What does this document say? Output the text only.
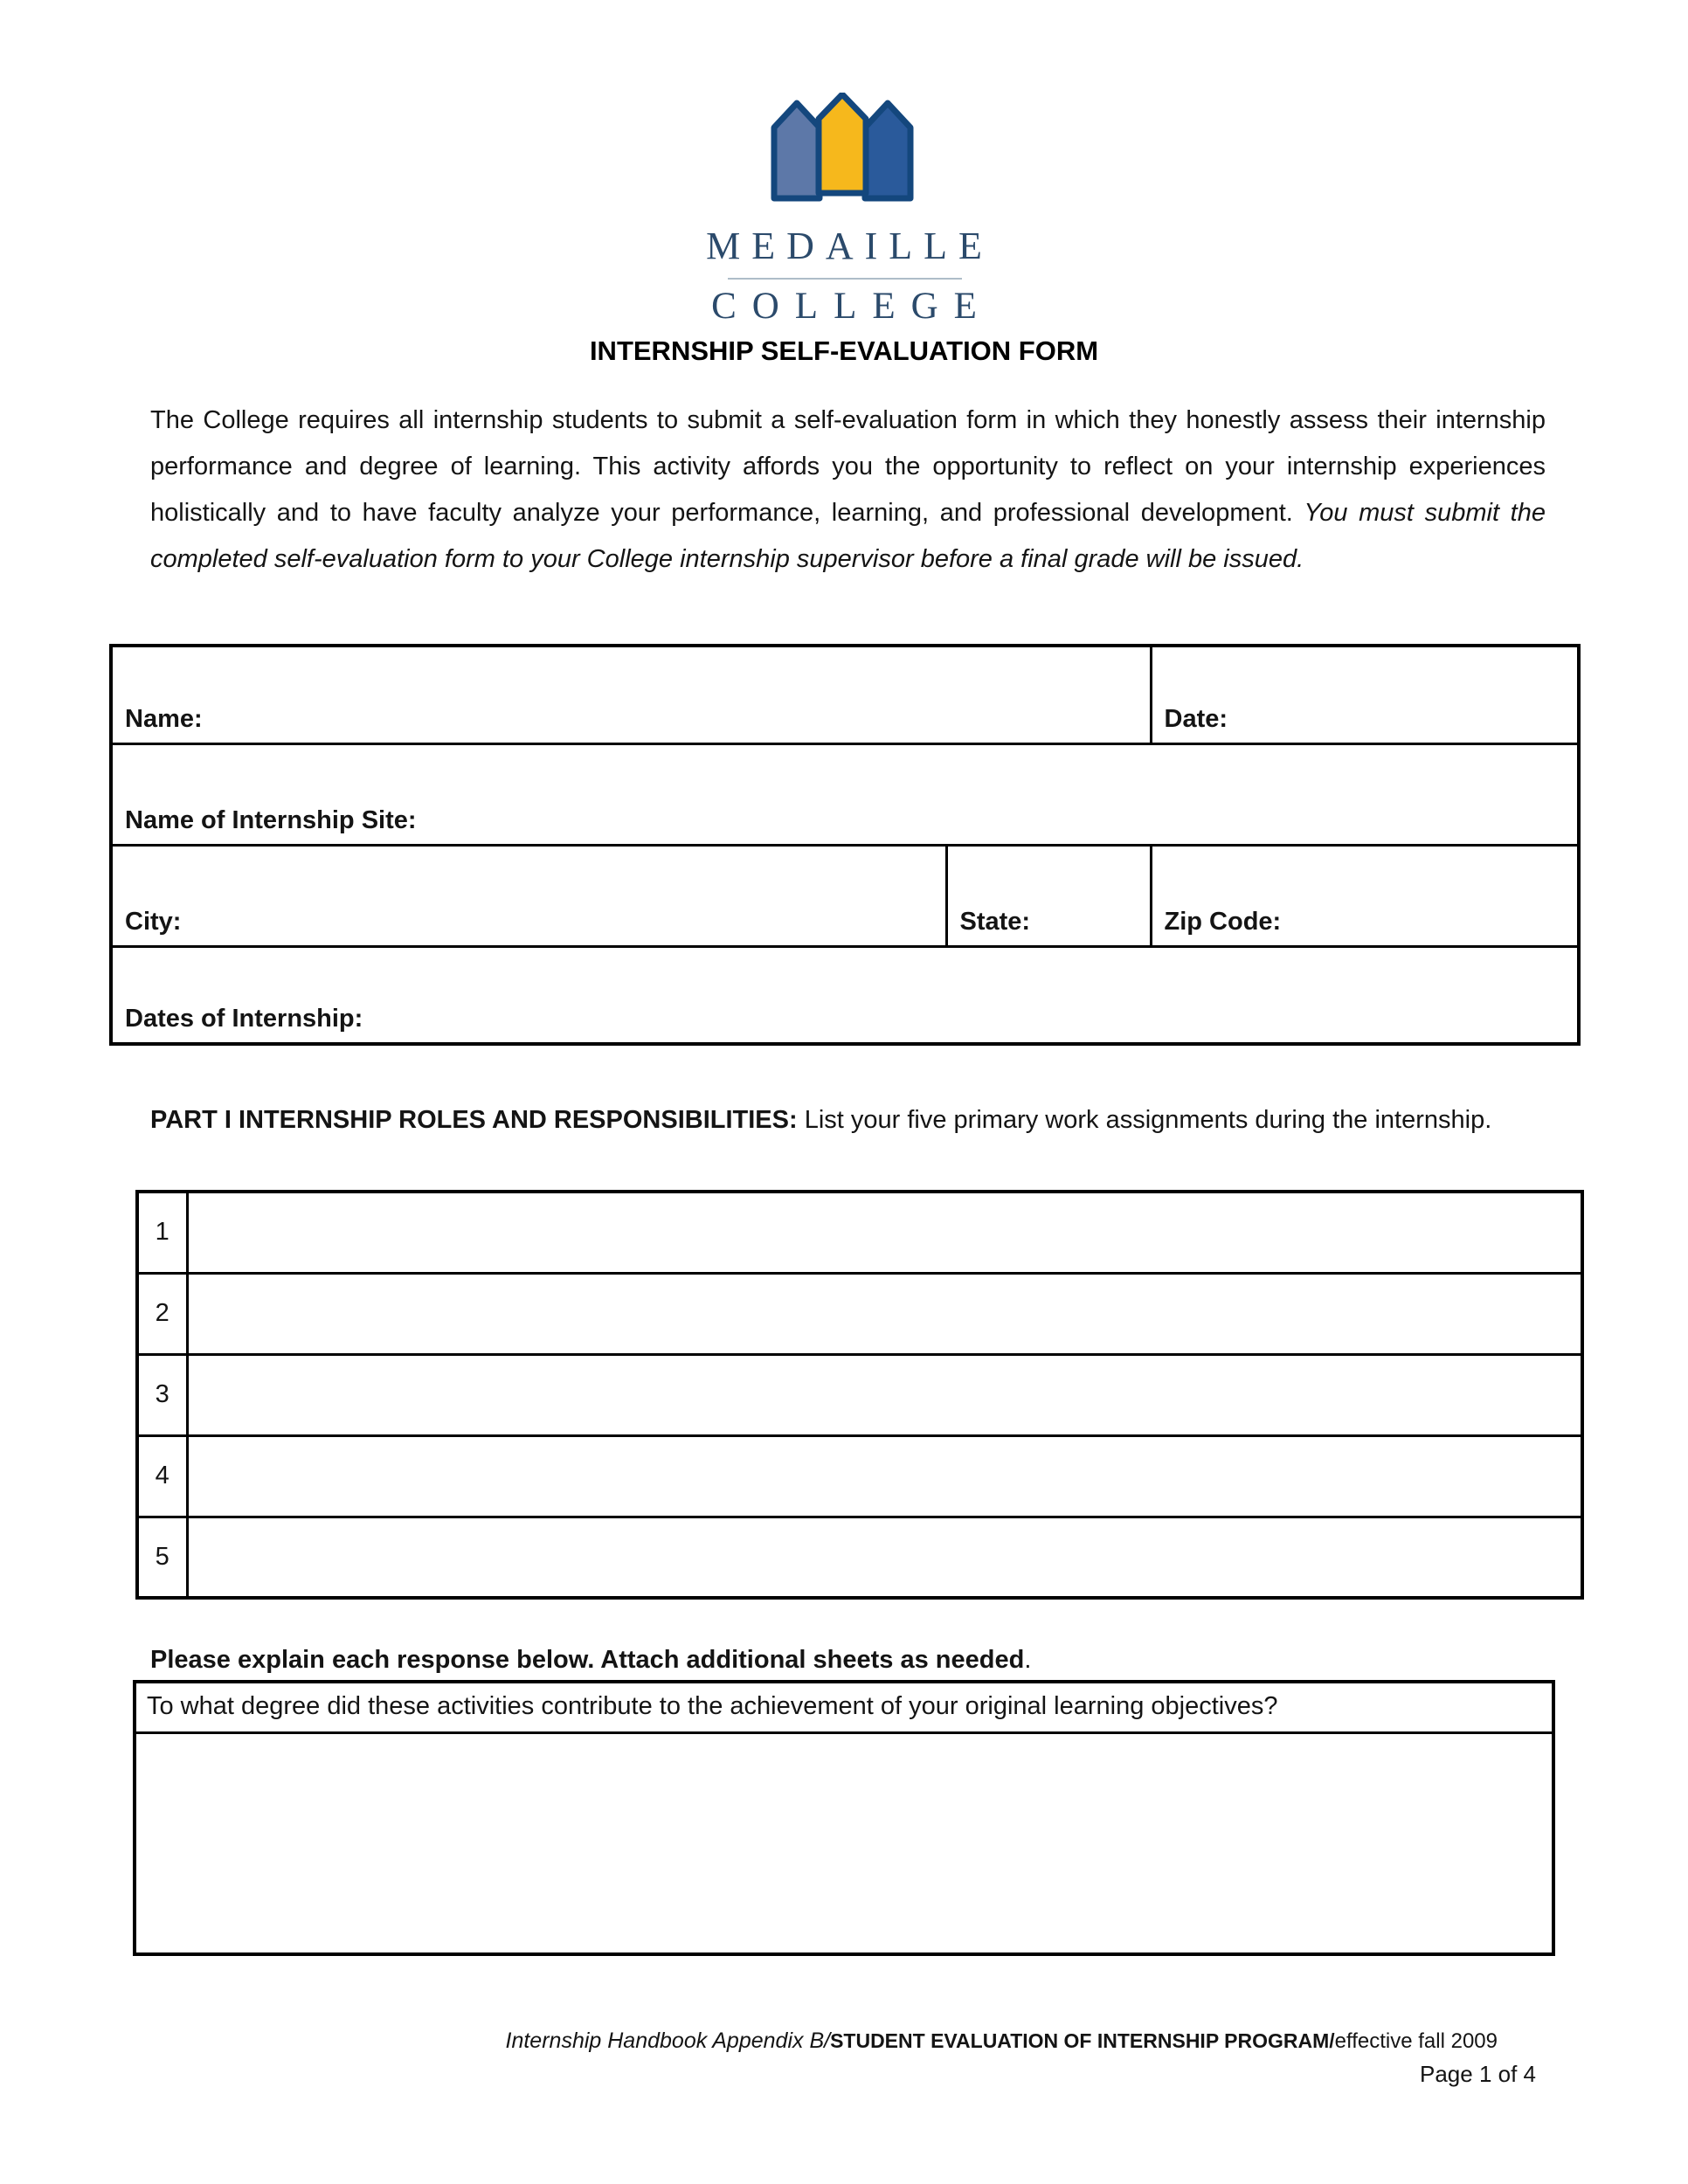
MEDAILLE
COLLEGE
INTERNSHIP SELF-EVALUATION FORM
The College requires all internship students to submit a self-evaluation form in which they honestly assess their internship performance and degree of learning. This activity affords you the opportunity to reflect on your internship experiences holistically and to have faculty analyze your performance, learning, and professional development. You must submit the completed self-evaluation form to your College internship supervisor before a final grade will be issued.
Name:		Date:
Name of Internship Site:		
City:	State:	Zip Code:
Dates of Internship:		
PART I INTERNSHIP ROLES AND RESPONSIBILITIES: List your five primary work assignments during the internship.
1	
2	
3	
4	
5	
Please explain each response below. Attach additional sheets as needed.
To what degree did these activities contribute to the achievement of your original learning objectives?

Internship Handbook Appendix B/STUDENT EVALUATION OF INTERNSHIP PROGRAM/effective fall 2009
Page 1 of 4
